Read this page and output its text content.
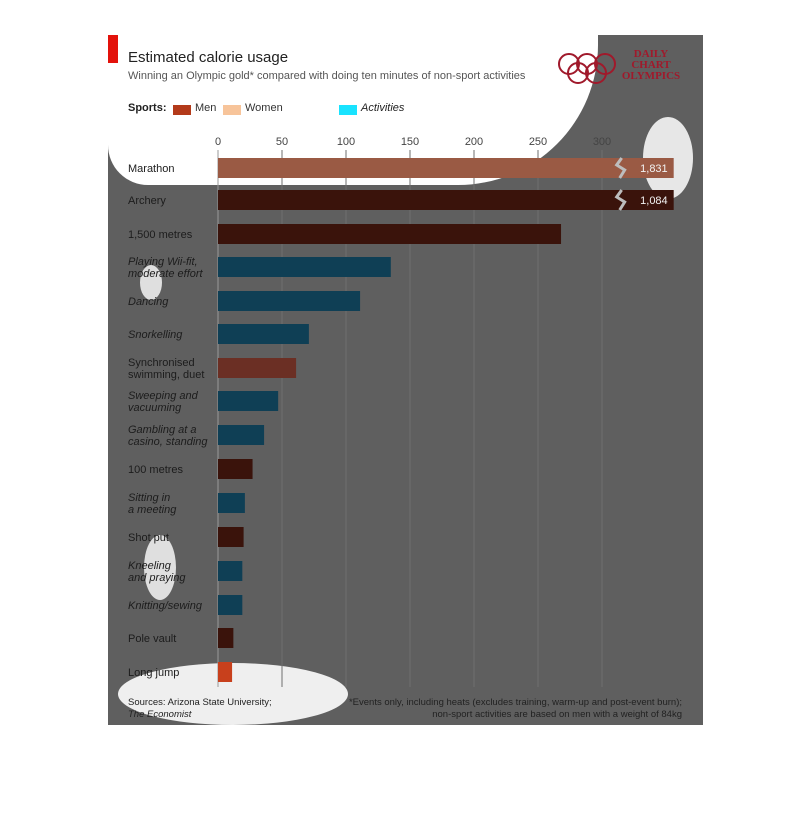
Estimated calorie usage
Winning an Olympic gold* compared with doing ten minutes of non-sport activities
DAILY
CHART
OLYMPICS
Sports:	Men	Women	Activities
0	50	100	150	200	250	300
Marathon	1,831
Archery	1,084
1,500 metres
Playing Wii-fit,
moderate effort
Dancing
Snorkelling
Synchronised
swimming, duet
Sweeping and
vacuuming
Gambling at a
casino, standing
100 metres
Sitting in
a meeting
Shot put
Kneeling
and praying
Knitting/sewing
Pole vault
Long jump
Sources: Arizona State University;
The Economist
*Events only, including heats (excludes training, warm-up and post-event burn);
non-sport activities are based on men with a weight of 84kg
